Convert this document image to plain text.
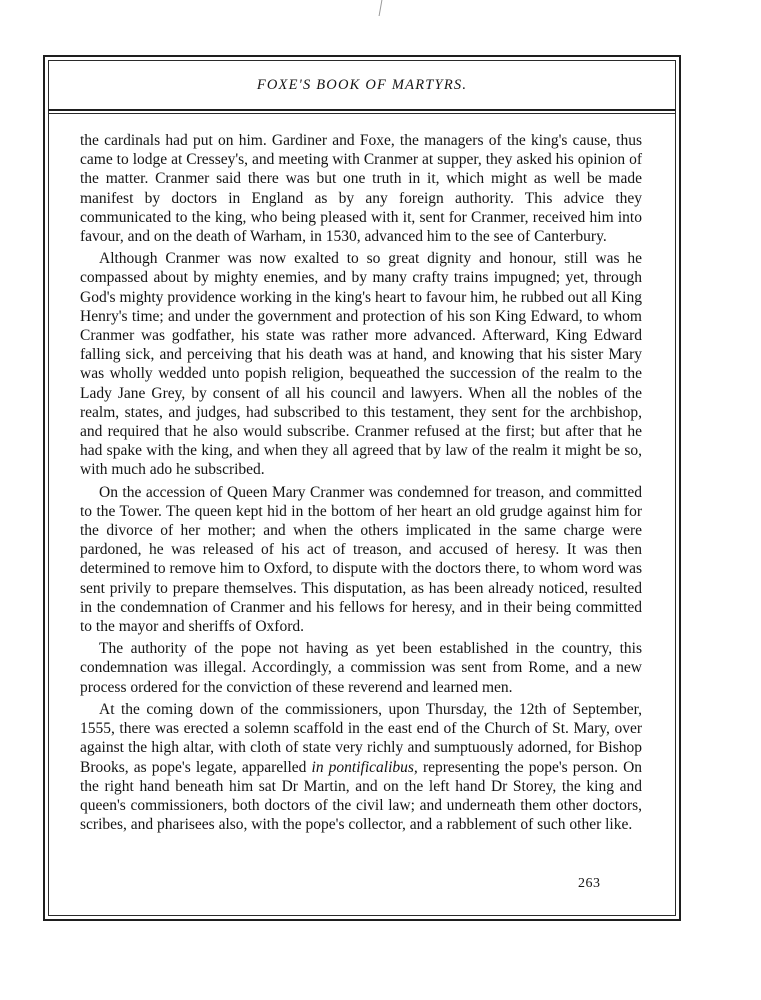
FOXE'S BOOK OF MARTYRS.

the cardinals had put on him. Gardiner and Foxe, the managers of the king's cause, thus came to lodge at Cressey's, and meeting with Cranmer at supper, they asked his opinion of the matter. Cranmer said there was but one truth in it, which might as well be made manifest by doctors in England as by any foreign authority. This advice they communicated to the king, who being pleased with it, sent for Cranmer, received him into favour, and on the death of Warham, in 1530, advanced him to the see of Canterbury.

Although Cranmer was now exalted to so great dignity and honour, still was he compassed about by mighty enemies, and by many crafty trains impugned; yet, through God's mighty providence working in the king's heart to favour him, he rubbed out all King Henry's time; and under the government and protection of his son King Edward, to whom Cranmer was godfather, his state was rather more advanced. Afterward, King Edward falling sick, and perceiving that his death was at hand, and knowing that his sister Mary was wholly wedded unto popish religion, bequeathed the succession of the realm to the Lady Jane Grey, by consent of all his council and lawyers. When all the nobles of the realm, states, and judges, had subscribed to this testament, they sent for the archbishop, and required that he also would subscribe. Cranmer refused at the first; but after that he had spake with the king, and when they all agreed that by law of the realm it might be so, with much ado he subscribed.

On the accession of Queen Mary Cranmer was condemned for treason, and committed to the Tower. The queen kept hid in the bottom of her heart an old grudge against him for the divorce of her mother; and when the others implicated in the same charge were pardoned, he was released of his act of treason, and accused of heresy. It was then determined to remove him to Oxford, to dispute with the doctors there, to whom word was sent privily to prepare themselves. This disputation, as has been already noticed, resulted in the condemnation of Cranmer and his fellows for heresy, and in their being committed to the mayor and sheriffs of Oxford.

The authority of the pope not having as yet been established in the country, this condemnation was illegal. Accordingly, a commission was sent from Rome, and a new process ordered for the conviction of these reverend and learned men.

At the coming down of the commissioners, upon Thursday, the 12th of September, 1555, there was erected a solemn scaffold in the east end of the Church of St. Mary, over against the high altar, with cloth of state very richly and sumptuously adorned, for Bishop Brooks, as pope's legate, apparelled in pontificalibus, representing the pope's person. On the right hand beneath him sat Dr Martin, and on the left hand Dr Storey, the king and queen's commissioners, both doctors of the civil law; and underneath them other doctors, scribes, and pharisees also, with the pope's collector, and a rabblement of such other like.

263
